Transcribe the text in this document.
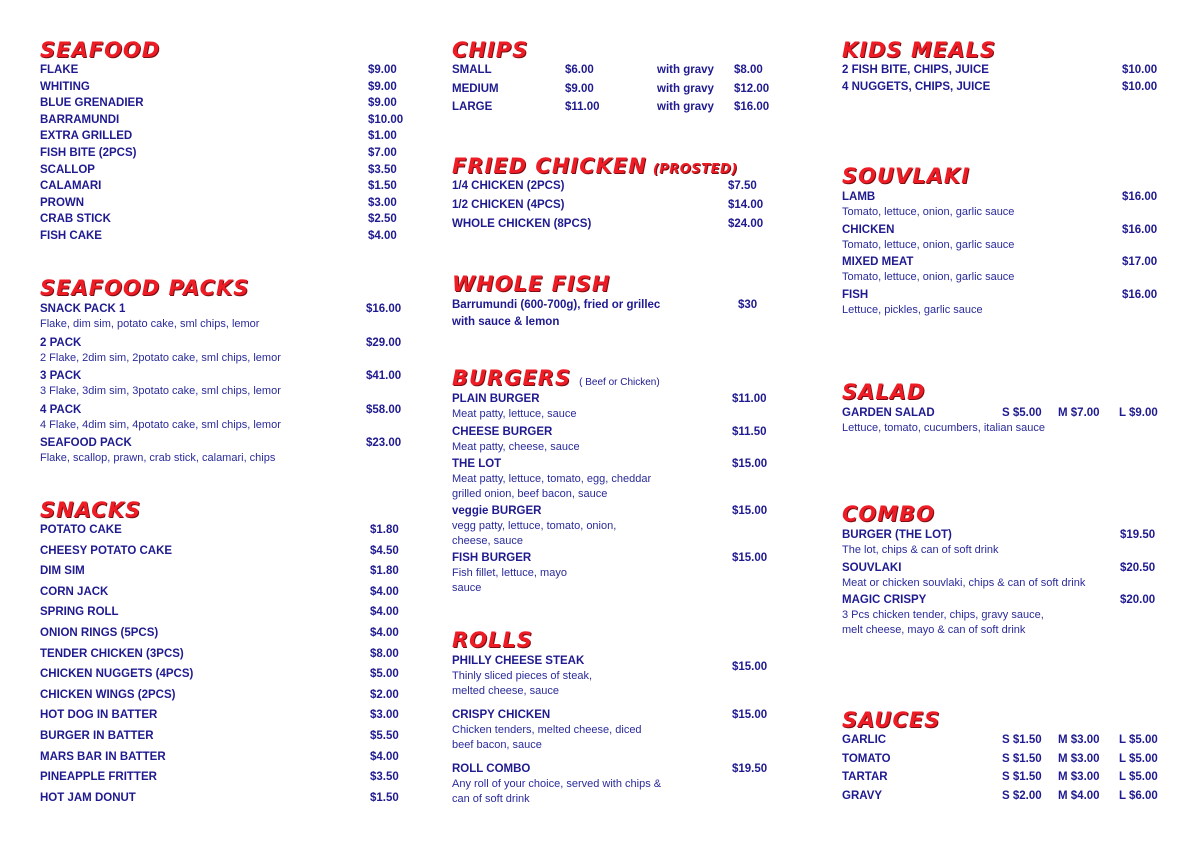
SEAFOOD
FLAKE	$9.00
WHITING	$9.00
BLUE GRENADIER	$9.00
BARRAMUNDI	$10.00
EXTRA GRILLED	$1.00
FISH BITE (2PCS)	$7.00
SCALLOP	$3.50
CALAMARI	$1.50
PROWN	$3.00
CRAB STICK	$2.50
FISH CAKE	$4.00
SEAFOOD PACKS
SNACK PACK 1
Flake, dim sim, potato cake, sml chips, lemor
$16.00
2 PACK
2 Flake, 2dim sim, 2potato cake, sml chips, lemor
$29.00
3 PACK
3 Flake, 3dim sim, 3potato cake, sml chips, lemor
$41.00
4 PACK
4 Flake, 4dim sim, 4potato cake, sml chips, lemor
$58.00
SEAFOOD PACK
Flake, scallop, prawn, crab stick, calamari, chips
$23.00
SNACKS
POTATO CAKE	$1.80
CHEESY POTATO CAKE	$4.50
DIM SIM	$1.80
CORN JACK	$4.00
SPRING ROLL	$4.00
ONION RINGS (5PCS)	$4.00
TENDER CHICKEN (3PCS)	$8.00
CHICKEN NUGGETS (4PCS)	$5.00
CHICKEN WINGS (2PCS)	$2.00
HOT DOG IN BATTER	$3.00
BURGER IN BATTER	$5.50
MARS BAR IN BATTER	$4.00
PINEAPPLE FRITTER	$3.50
HOT JAM DONUT	$1.50
CHIPS
SMALL	$6.00	with gravy $8.00
MEDIUM	$9.00	with gravy $12.00
LARGE	$11.00	with gravy $16.00
FRIED CHICKEN (PROSTED)
1/4 CHICKEN (2PCS)	$7.50
1/2 CHICKEN (4PCS)	$14.00
WHOLE CHICKEN (8PCS)	$24.00
WHOLE FISH
Barrumundi (600-700g), fried or grillec
with sauce & lemon
$30
BURGERS ( Beef or Chicken)
PLAIN BURGER
Meat patty, lettuce, sauce
$11.00
CHEESE BURGER
Meat patty, cheese, sauce
$11.50
THE LOT
Meat patty, lettuce, tomato, egg, cheddar
grilled onion, beef bacon, sauce
$15.00
veggie BURGER
vegg patty, lettuce, tomato, onion,
cheese, sauce
$15.00
FISH BURGER
Fish fillet, lettuce, mayo
sauce
$15.00
ROLLS
PHILLY CHEESE STEAK
Thinly sliced pieces of steak,
melted cheese, sauce
$15.00
CRISPY CHICKEN
Chicken tenders, melted cheese, diced
beef bacon, sauce
$15.00
ROLL COMBO
Any roll of your choice, served with chips &
can of soft drink
$19.50
KIDS MEALS
2 FISH BITE, CHIPS, JUICE	$10.00
4 NUGGETS, CHIPS, JUICE	$10.00
SOUVLAKI
LAMB
Tomato, lettuce, onion, garlic sauce
$16.00
CHICKEN
Tomato, lettuce, onion, garlic sauce
$16.00
MIXED MEAT
Tomato, lettuce, onion, garlic sauce
$17.00
FISH
Lettuce, pickles, garlic sauce
$16.00
SALAD
GARDEN SALAD
Lettuce, tomato, cucumbers, italian sauce
S $5.00 M $7.00 L $9.00
COMBO
BURGER (THE LOT)
The lot, chips & can of soft drink
$19.50
SOUVLAKI
Meat or chicken souvlaki, chips & can of soft drink
$20.50
MAGIC CRISPY
3 Pcs chicken tender, chips, gravy sauce,
melt cheese, mayo & can of soft drink
$20.00
SAUCES
GARLIC	S $1.50 M $3.00 L $5.00
TOMATO	S $1.50 M $3.00 L $5.00
TARTAR	S $1.50 M $3.00 L $5.00
GRAVY	S $2.00 M $4.00 L $6.00
